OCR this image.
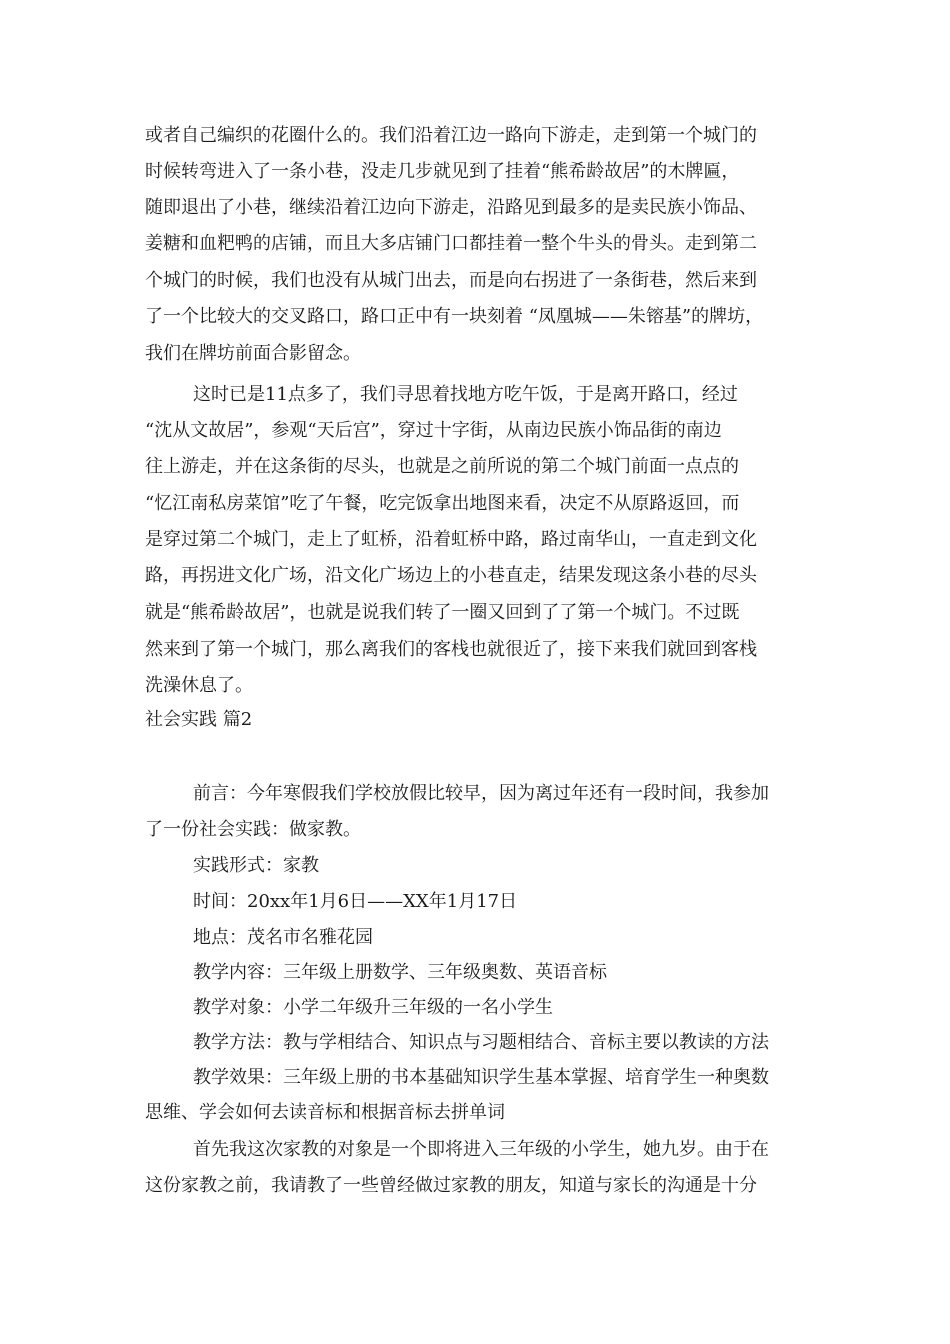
或者自己编织的花圈什么的。我们沿着江边一路向下游走，走到第一个城门的
时候转弯进入了一条小巷，没走几步就见到了挂着“熊希龄故居”的木牌匾，
随即退出了小巷，继续沿着江边向下游走，沿路见到最多的是卖民族小饰品、
姜糖和血粑鸭的店铺，而且大多店铺门口都挂着一整个牛头的骨头。走到第二
个城门的时候，我们也没有从城门出去，而是向右拐进了一条街巷，然后来到
了一个比较大的交叉路口，路口正中有一块刻着 “凤凰城——朱镕基”的牌坊，
我们在牌坊前面合影留念。
这时已是11点多了，我们寻思着找地方吃午饭，于是离开路口，经过
“沈从文故居”，参观“天后宫”，穿过十字街，从南边民族小饰品街的南边
往上游走，并在这条街的尽头，也就是之前所说的第二个城门前面一点点的
“忆江南私房菜馆”吃了午餐，吃完饭拿出地图来看，决定不从原路返回，而
是穿过第二个城门，走上了虹桥，沿着虹桥中路，路过南华山，一直走到文化
路，再拐进文化广场，沿文化广场边上的小巷直走，结果发现这条小巷的尽头
就是“熊希龄故居”，也就是说我们转了一圈又回到了了第一个城门。不过既
然来到了第一个城门，那么离我们的客栈也就很近了，接下来我们就回到客栈
洗澡休息了。
社会实践 篇2
前言：今年寒假我们学校放假比较早，因为离过年还有一段时间，我参加
了一份社会实践：做家教。
实践形式：家教
时间：20xx年1月6日——XX年1月17日
地点：茂名市名雅花园
教学内容：三年级上册数学、三年级奥数、英语音标
教学对象：小学二年级升三年级的一名小学生
教学方法：教与学相结合、知识点与习题相结合、音标主要以教读的方法
教学效果：三年级上册的书本基础知识学生基本掌握、培育学生一种奥数
思维、学会如何去读音标和根据音标去拼单词
首先我这次家教的对象是一个即将进入三年级的小学生，她九岁。由于在
这份家教之前，我请教了一些曾经做过家教的朋友，知道与家长的沟通是十分
